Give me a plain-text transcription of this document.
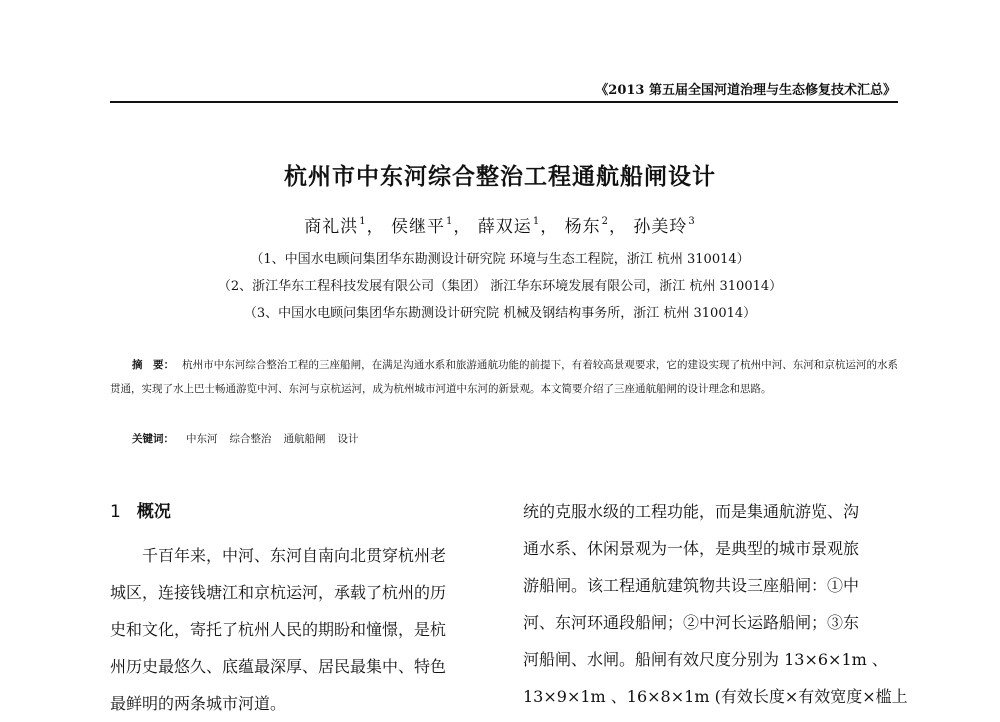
《2013 第五届全国河道治理与生态修复技术汇总》
杭州市中东河综合整治工程通航船闸设计
商礼洪$^1$， 侯继平$^1$， 薛双运$^1$， 杨东$^2$， 孙美玲$^3$
（1、中国水电顾问集团华东勘测设计研究院 环境与生态工程院，浙江 杭州 310014）
（2、浙江华东工程科技发展有限公司（集团） 浙江华东环境发展有限公司，浙江 杭州 310014）
（3、中国水电顾问集团华东勘测设计研究院 机械及钢结构事务所，浙江 杭州 310014）
摘　要： 杭州市中东河综合整治工程的三座船闸，在满足沟通水系和旅游通航功能的前提下，有着较高景观要求，它的建设实现了杭州中河、东河和京杭运河的水系贯通，实现了水上巴士畅通游览中河、东河与京杭运河，成为杭州城市河道中东河的新景观。本文简要介绍了三座通航船闸的设计理念和思路。
关键词： 中东河 综合整治 通航船闸 设计
1 概况

　　千百年来，中河、东河自南向北贯穿杭州老

城区，连接钱塘江和京杭运河，承载了杭州的历

史和文化，寄托了杭州人民的期盼和憧憬，是杭

州历史最悠久、底蕴最深厚、居民最集中、特色

最鲜明的两条城市河道。

统的克服水级的工程功能，而是集通航游览、沟

通水系、休闲景观为一体，是典型的城市景观旅

游船闸。该工程通航建筑物共设三座船闸：①中

河、东河环通段船闸；②中河长运路船闸；③东

河船闸、水闸。船闸有效尺度分别为 13×6×1m 、

13×9×1m 、16×8×1m (有效长度×有效宽度×槛上
